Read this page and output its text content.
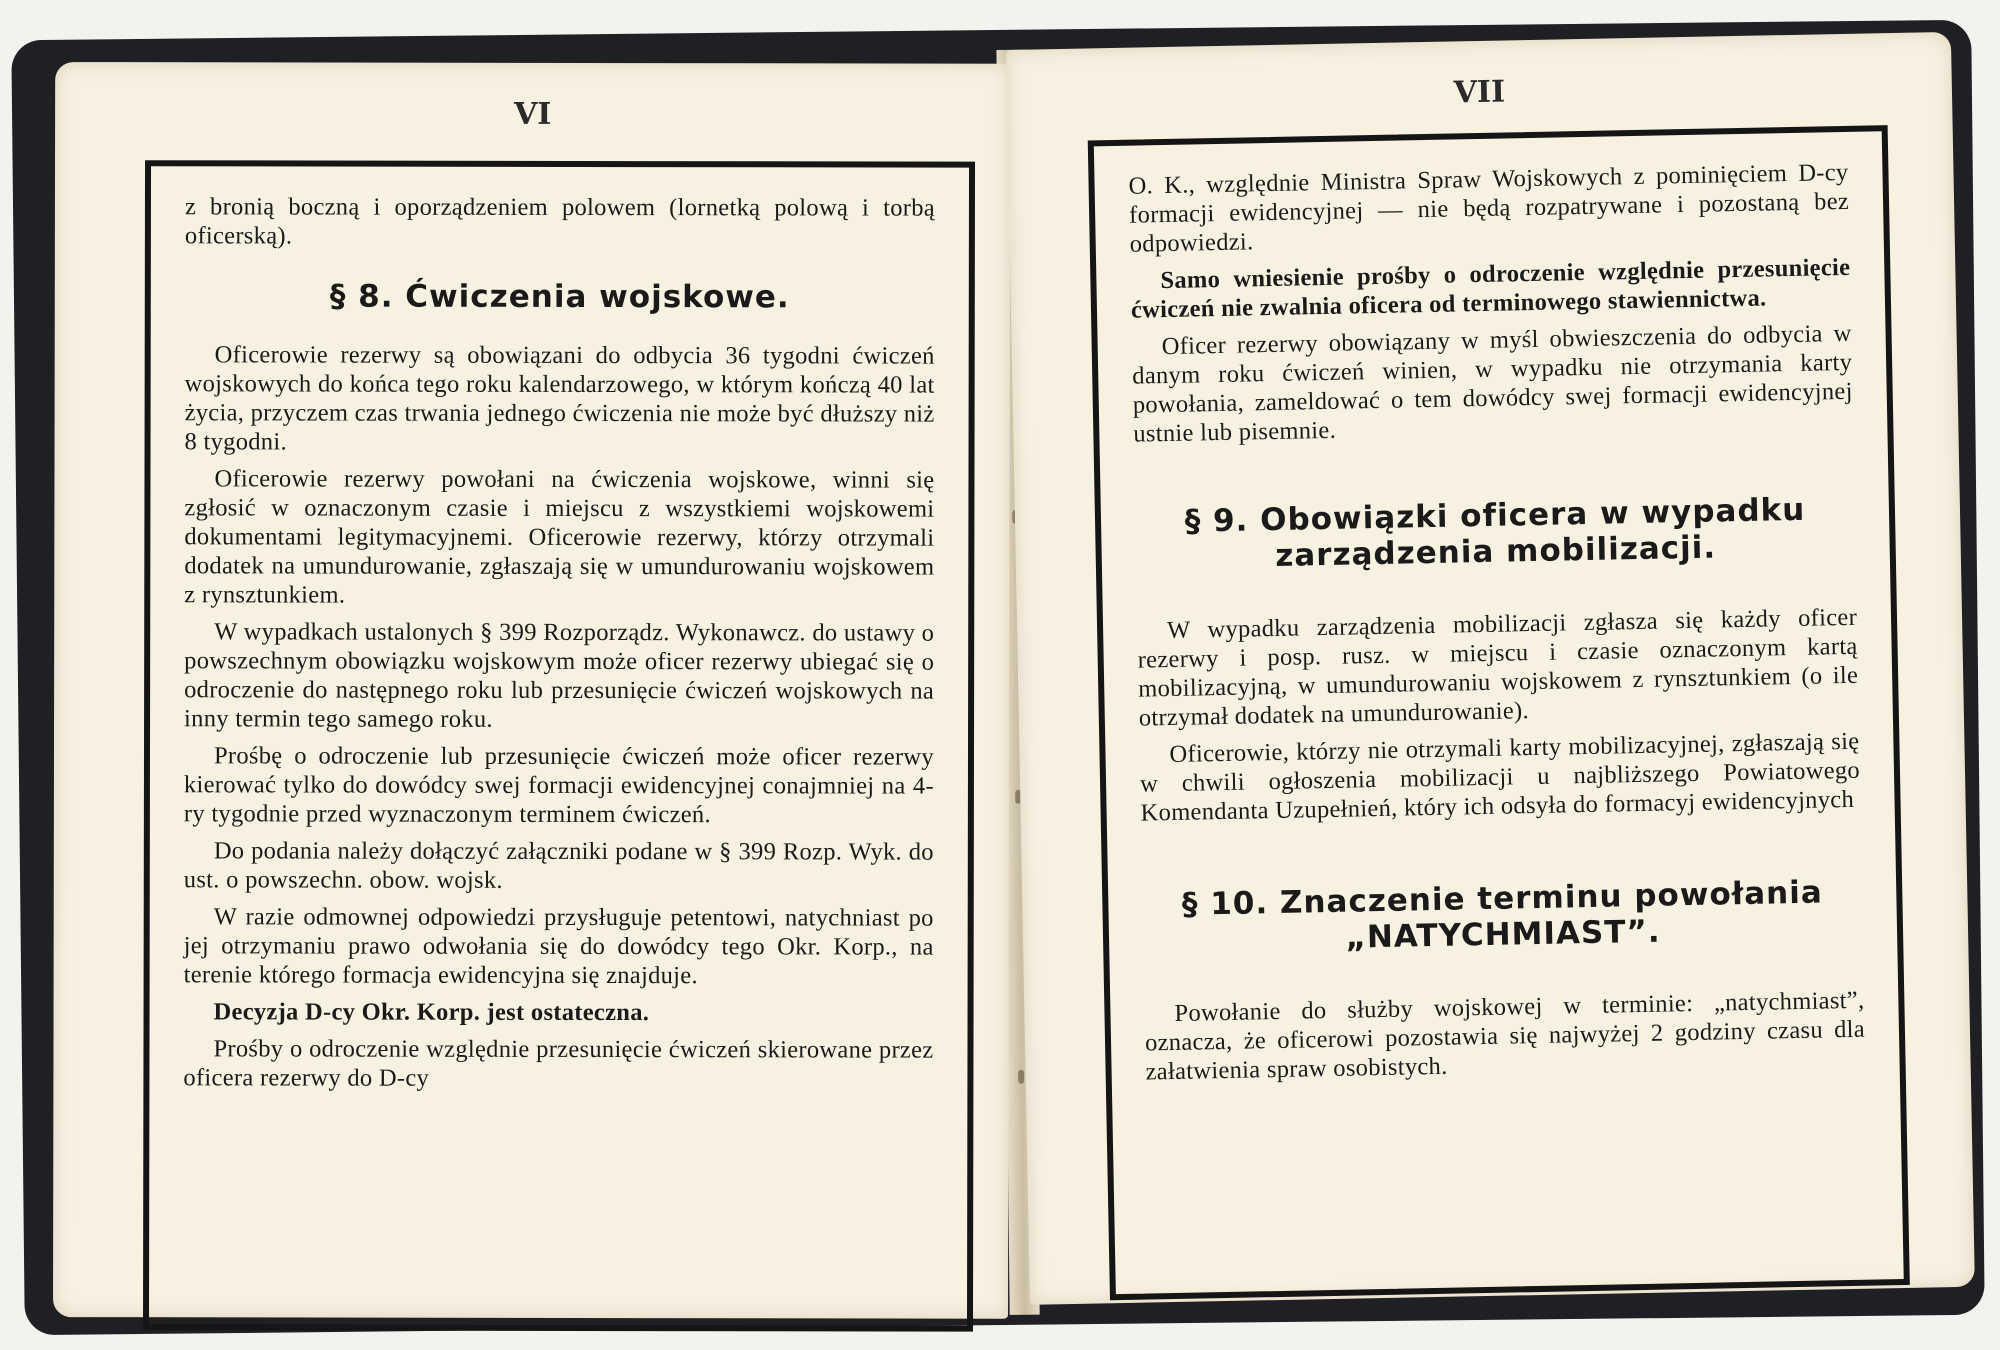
VI

z bronią boczną i oporządzeniem polowem (lornetką polową i torbą oficerską).

§ 8. Ćwiczenia wojskowe.

Oficerowie rezerwy są obowiązani do odbycia 36 tygodni ćwiczeń wojskowych do końca tego roku kalendarzowego, w którym kończą 40 lat życia, przyczem czas trwania jednego ćwiczenia nie może być dłuższy niż 8 tygodni.

Oficerowie rezerwy powołani na ćwiczenia wojskowe, winni się zgłosić w oznaczonym czasie i miejscu z wszystkiemi wojskowemi dokumentami legitymacyjnemi. Oficerowie rezerwy, którzy otrzymali dodatek na umundurowanie, zgłaszają się w umundurowaniu wojskowem z rynsztunkiem.

W wypadkach ustalonych § 399 Rozporządz. Wykonawcz. do ustawy o powszechnym obowiązku wojskowym może oficer rezerwy ubiegać się o odroczenie do następnego roku lub przesunięcie ćwiczeń wojskowych na inny termin tego samego roku.

Prośbę o odroczenie lub przesunięcie ćwiczeń może oficer rezerwy kierować tylko do dowódcy swej formacji ewidencyjnej conajmniej na 4-ry tygodnie przed wyznaczonym terminem ćwiczeń.

Do podania należy dołączyć załączniki podane w § 399 Rozp. Wyk. do ust. o powszechn. obow. wojsk.

W razie odmownej odpowiedzi przysługuje petentowi, natychniast po jej otrzymaniu prawo odwołania się do dowódcy tego Okr. Korp., na terenie którego formacja ewidencyjna się znajduje.

Decyzja D-cy Okr. Korp. jest ostateczna.

Prośby o odroczenie względnie przesunięcie ćwiczeń skierowane przez oficera rezerwy do D-cy

VII

O. K., względnie Ministra Spraw Wojskowych z pominięciem D-cy formacji ewidencyjnej — nie będą rozpatrywane i pozostaną bez odpowiedzi.

Samo wniesienie prośby o odroczenie względnie przesunięcie ćwiczeń nie zwalnia oficera od terminowego stawiennictwa.

Oficer rezerwy obowiązany w myśl obwieszczenia do odbycia w danym roku ćwiczeń winien, w wypadku nie otrzymania karty powołania, zameldować o tem dowódcy swej formacji ewidencyjnej ustnie lub pisemnie.

§ 9. Obowiązki oficera w wypadku zarządzenia mobilizacji.

W wypadku zarządzenia mobilizacji zgłasza się każdy oficer rezerwy i posp. rusz. w miejscu i czasie oznaczonym kartą mobilizacyjną, w umundurowaniu wojskowem z rynsztunkiem (o ile otrzymał dodatek na umundurowanie).

Oficerowie, którzy nie otrzymali karty mobilizacyjnej, zgłaszają się w chwili ogłoszenia mobilizacji u najbliższego Powiatowego Komendanta Uzupełnień, który ich odsyła do formacyj ewidencyjnych

§ 10. Znaczenie terminu powołania „NATYCHMIAST”.

Powołanie do służby wojskowej w terminie: „natychmiast”, oznacza, że oficerowi pozostawia się najwyżej 2 godziny czasu dla załatwienia spraw osobistych.
